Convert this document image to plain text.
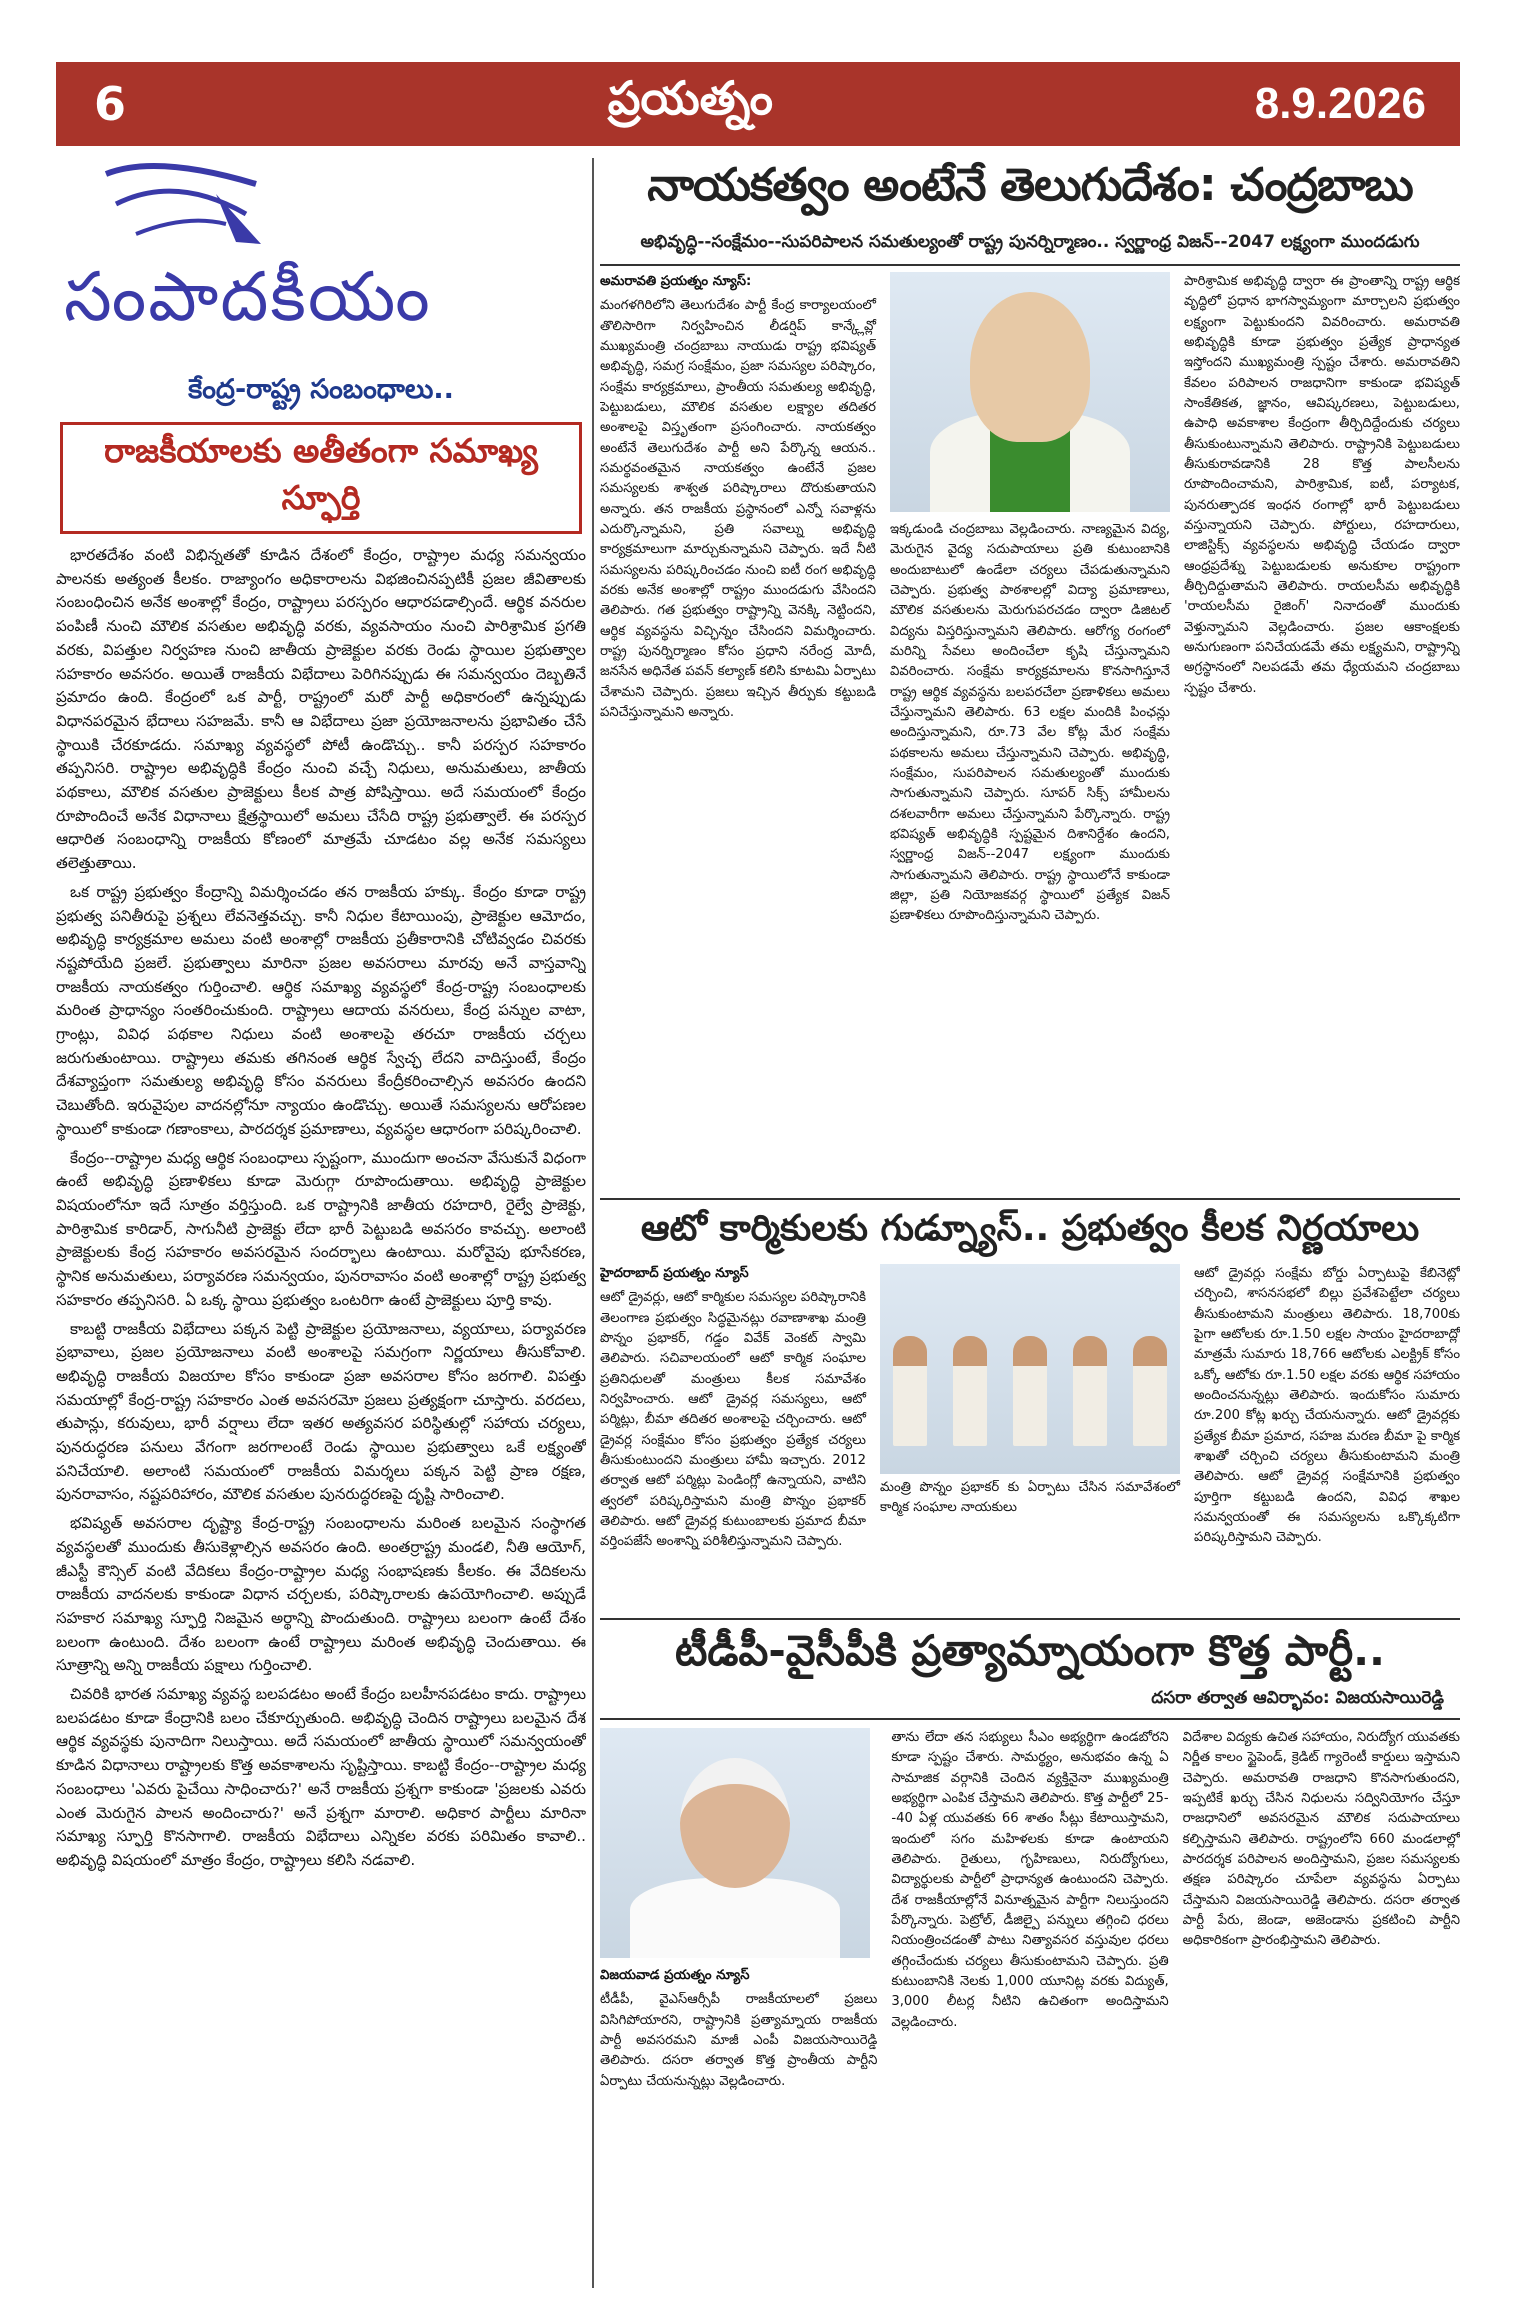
6	ప్రయత్నం	8.9.2026
సంపాదకీయం
కేంద్ర-రాష్ట్ర సంబంధాలు..
రాజకీయాలకు అతీతంగా సమాఖ్య స్ఫూర్తి

భారతదేశం వంటి విభిన్నతతో కూడిన దేశంలో కేంద్రం, రాష్ట్రాల మధ్య సమన్వయం పాలనకు అత్యంత కీలకం. రాజ్యాంగం అధికారాలను విభజించినప్పటికీ ప్రజల జీవితాలకు సంబంధించిన అనేక అంశాల్లో కేంద్రం, రాష్ట్రాలు పరస్పరం ఆధారపడాల్సిందే. ఆర్థిక వనరుల పంపిణీ నుంచి మౌలిక వసతుల అభివృద్ధి వరకు, వ్యవసాయం నుంచి పారిశ్రామిక ప్రగతి వరకు, విపత్తుల నిర్వహణ నుంచి జాతీయ ప్రాజెక్టుల వరకు రెండు స్థాయిల ప్రభుత్వాల సహకారం అవసరం. అయితే రాజకీయ విభేదాలు పెరిగినప్పుడు ఈ సమన్వయం దెబ్బతినే ప్రమాదం ఉంది. కేంద్రంలో ఒక పార్టీ, రాష్ట్రంలో మరో పార్టీ అధికారంలో ఉన్నప్పుడు విధానపరమైన భేదాలు సహజమే. కానీ ఆ విభేదాలు ప్రజా ప్రయోజనాలను ప్రభావితం చేసే స్థాయికి చేరకూడదు. సమాఖ్య వ్యవస్థలో పోటీ ఉండొచ్చు.. కానీ పరస్పర సహకారం తప్పనిసరి. రాష్ట్రాల అభివృద్ధికి కేంద్రం నుంచి వచ్చే నిధులు, అనుమతులు, జాతీయ పథకాలు, మౌలిక వసతుల ప్రాజెక్టులు కీలక పాత్ర పోషిస్తాయి. అదే సమయంలో కేంద్రం రూపొందించే అనేక విధానాలు క్షేత్రస్థాయిలో అమలు చేసేది రాష్ట్ర ప్రభుత్వాలే. ఈ పరస్పర ఆధారిత సంబంధాన్ని రాజకీయ కోణంలో మాత్రమే చూడటం వల్ల అనేక సమస్యలు తలెత్తుతాయి.

ఒక రాష్ట్ర ప్రభుత్వం కేంద్రాన్ని విమర్శించడం తన రాజకీయ హక్కు. కేంద్రం కూడా రాష్ట్ర ప్రభుత్వ పనితీరుపై ప్రశ్నలు లేవనెత్తవచ్చు. కానీ నిధుల కేటాయింపు, ప్రాజెక్టుల ఆమోదం, అభివృద్ధి కార్యక్రమాల అమలు వంటి అంశాల్లో రాజకీయ ప్రతీకారానికి చోటివ్వడం చివరకు నష్టపోయేది ప్రజలే. ప్రభుత్వాలు మారినా ప్రజల అవసరాలు మారవు అనే వాస్తవాన్ని రాజకీయ నాయకత్వం గుర్తించాలి. ఆర్థిక సమాఖ్య వ్యవస్థలో కేంద్ర-రాష్ట్ర సంబంధాలకు మరింత ప్రాధాన్యం సంతరించుకుంది. రాష్ట్రాలు ఆదాయ వనరులు, కేంద్ర పన్నుల వాటా, గ్రాంట్లు, వివిధ పథకాల నిధులు వంటి అంశాలపై తరచూ రాజకీయ చర్చలు జరుగుతుంటాయి. రాష్ట్రాలు తమకు తగినంత ఆర్థిక స్వేచ్ఛ లేదని వాదిస్తుంటే, కేంద్రం దేశవ్యాప్తంగా సమతుల్య అభివృద్ధి కోసం వనరులు కేంద్రీకరించాల్సిన అవసరం ఉందని చెబుతోంది. ఇరువైపుల వాదనల్లోనూ న్యాయం ఉండొచ్చు. అయితే సమస్యలను ఆరోపణల స్థాయిలో కాకుండా గణాంకాలు, పారదర్శక ప్రమాణాలు, వ్యవస్థల ఆధారంగా పరిష్కరించాలి.

కేంద్రం--రాష్ట్రాల మధ్య ఆర్థిక సంబంధాలు స్పష్టంగా, ముందుగా అంచనా వేసుకునే విధంగా ఉంటే అభివృద్ధి ప్రణాళికలు కూడా మెరుగ్గా రూపొందుతాయి. అభివృద్ధి ప్రాజెక్టుల విషయంలోనూ ఇదే సూత్రం వర్తిస్తుంది. ఒక రాష్ట్రానికి జాతీయ రహదారి, రైల్వే ప్రాజెక్టు, పారిశ్రామిక కారిడార్, సాగునీటి ప్రాజెక్టు లేదా భారీ పెట్టుబడి అవసరం కావచ్చు. అలాంటి ప్రాజెక్టులకు కేంద్ర సహకారం అవసరమైన సందర్భాలు ఉంటాయి. మరోవైపు భూసేకరణ, స్థానిక అనుమతులు, పర్యావరణ సమన్వయం, పునరావాసం వంటి అంశాల్లో రాష్ట్ర ప్రభుత్వ సహకారం తప్పనిసరి. ఏ ఒక్క స్థాయి ప్రభుత్వం ఒంటరిగా ఉంటే ప్రాజెక్టులు పూర్తి కావు.

కాబట్టి రాజకీయ విభేదాలు పక్కన పెట్టి ప్రాజెక్టుల ప్రయోజనాలు, వ్యయాలు, పర్యావరణ ప్రభావాలు, ప్రజల ప్రయోజనాలు వంటి అంశాలపై సమగ్రంగా నిర్ణయాలు తీసుకోవాలి. అభివృద్ధి రాజకీయ విజయాల కోసం కాకుండా ప్రజా అవసరాల కోసం జరగాలి. విపత్తు సమయాల్లో కేంద్ర-రాష్ట్ర సహకారం ఎంత అవసరమో ప్రజలు ప్రత్యక్షంగా చూస్తారు. వరదలు, తుపాన్లు, కరువులు, భారీ వర్షాలు లేదా ఇతర అత్యవసర పరిస్థితుల్లో సహాయ చర్యలు, పునరుద్ధరణ పనులు వేగంగా జరగాలంటే రెండు స్థాయిల ప్రభుత్వాలు ఒకే లక్ష్యంతో పనిచేయాలి. అలాంటి సమయంలో రాజకీయ విమర్శలు పక్కన పెట్టి ప్రాణ రక్షణ, పునరావాసం, నష్టపరిహారం, మౌలిక వసతుల పునరుద్ధరణపై దృష్టి సారించాలి.

భవిష్యత్ అవసరాల దృష్ట్యా కేంద్ర-రాష్ట్ర సంబంధాలను మరింత బలమైన సంస్థాగత వ్యవస్థలతో ముందుకు తీసుకెళ్లాల్సిన అవసరం ఉంది. అంతర్రాష్ట్ర మండలి, నీతి ఆయోగ్, జీఎస్టీ కౌన్సిల్ వంటి వేదికలు కేంద్రం-రాష్ట్రాల మధ్య సంభాషణకు కీలకం. ఈ వేదికలను రాజకీయ వాదనలకు కాకుండా విధాన చర్చలకు, పరిష్కారాలకు ఉపయోగించాలి. అప్పుడే సహకార సమాఖ్య స్ఫూర్తి నిజమైన అర్థాన్ని పొందుతుంది. రాష్ట్రాలు బలంగా ఉంటే దేశం బలంగా ఉంటుంది. దేశం బలంగా ఉంటే రాష్ట్రాలు మరింత అభివృద్ధి చెందుతాయి. ఈ సూత్రాన్ని అన్ని రాజకీయ పక్షాలు గుర్తించాలి.

చివరికి భారత సమాఖ్య వ్యవస్థ బలపడటం అంటే కేంద్రం బలహీనపడటం కాదు. రాష్ట్రాలు బలపడటం కూడా కేంద్రానికి బలం చేకూర్చుతుంది. అభివృద్ధి చెందిన రాష్ట్రాలు బలమైన దేశ ఆర్థిక వ్యవస్థకు పునాదిగా నిలుస్తాయి. అదే సమయంలో జాతీయ స్థాయిలో సమన్వయంతో కూడిన విధానాలు రాష్ట్రాలకు కొత్త అవకాశాలను సృష్టిస్తాయి. కాబట్టి కేంద్రం--రాష్ట్రాల మధ్య సంబంధాలు 'ఎవరు పైచేయి సాధించారు?' అనే రాజకీయ ప్రశ్నగా కాకుండా 'ప్రజలకు ఎవరు ఎంత మెరుగైన పాలన అందించారు?' అనే ప్రశ్నగా మారాలి. అధికార పార్టీలు మారినా సమాఖ్య స్ఫూర్తి కొనసాగాలి. రాజకీయ విభేదాలు ఎన్నికల వరకు పరిమితం కావాలి.. అభివృద్ధి విషయంలో మాత్రం కేంద్రం, రాష్ట్రాలు కలిసి నడవాలి.

నాయకత్వం అంటేనే తెలుగుదేశం: చంద్రబాబు
అభివృద్ధి--సంక్షేమం--సుపరిపాలన సమతుల్యంతో రాష్ట్ర పునర్నిర్మాణం.. స్వర్ణాంధ్ర విజన్--2047 లక్ష్యంగా ముందడుగు

అమరావతి ప్రయత్నం న్యూస్:

మంగళగిరిలోని తెలుగుదేశం పార్టీ కేంద్ర కార్యాలయంలో తొలిసారిగా నిర్వహించిన లీడర్షిప్ కాన్క్లేవ్లో ముఖ్యమంత్రి చంద్రబాబు నాయుడు రాష్ట్ర భవిష్యత్ అభివృద్ధి, సమగ్ర సంక్షేమం, ప్రజా సమస్యల పరిష్కారం, సంక్షేమ కార్యక్రమాలు, ప్రాంతీయ సమతుల్య అభివృద్ధి, పెట్టుబడులు, మౌలిక వసతుల లక్ష్యాల తదితర అంశాలపై విస్తృతంగా ప్రసంగించారు. నాయకత్వం అంటేనే తెలుగుదేశం పార్టీ అని పేర్కొన్న ఆయన.. సమర్థవంతమైన నాయకత్వం ఉంటేనే ప్రజల సమస్యలకు శాశ్వత పరిష్కారాలు దొరుకుతాయని అన్నారు. తన రాజకీయ ప్రస్థానంలో ఎన్నో సవాళ్లను ఎదుర్కొన్నామని, ప్రతి సవాల్ను అభివృద్ధి కార్యక్రమాలుగా మార్చుకున్నామని చెప్పారు. ఇదే నీటి సమస్యలను పరిష్కరించడం నుంచి ఐటీ రంగ అభివృద్ధి వరకు అనేక అంశాల్లో రాష్ట్రం ముందడుగు వేసిందని తెలిపారు. గత ప్రభుత్వం రాష్ట్రాన్ని వెనక్కి నెట్టిందని, ఆర్థిక వ్యవస్థను విచ్ఛిన్నం చేసిందని విమర్శించారు. రాష్ట్ర పునర్నిర్మాణం కోసం ప్రధాని నరేంద్ర మోదీ, జనసేన అధినేత పవన్ కల్యాణ్ కలిసి కూటమి ఏర్పాటు చేశామని చెప్పారు. ప్రజలు ఇచ్చిన తీర్పుకు కట్టుబడి పనిచేస్తున్నామని అన్నారు.

ఇక్కడుండి చంద్రబాబు వెల్లడించారు. నాణ్యమైన విద్య, మెరుగైన వైద్య సదుపాయాలు ప్రతి కుటుంబానికి అందుబాటులో ఉండేలా చర్యలు చేపడుతున్నామని చెప్పారు. ప్రభుత్వ పాఠశాలల్లో విద్యా ప్రమాణాలు, మౌలిక వసతులను మెరుగుపరచడం ద్వారా డిజిటల్ విద్యను విస్తరిస్తున్నామని తెలిపారు. ఆరోగ్య రంగంలో మరిన్ని సేవలు అందించేలా కృషి చేస్తున్నామని వివరించారు. సంక్షేమ కార్యక్రమాలను కొనసాగిస్తూనే రాష్ట్ర ఆర్థిక వ్యవస్థను బలపరచేలా ప్రణాళికలు అమలు చేస్తున్నామని తెలిపారు. 63 లక్షల మందికి పింఛన్లు అందిస్తున్నామని, రూ.73 వేల కోట్ల మేర సంక్షేమ పథకాలను అమలు చేస్తున్నామని చెప్పారు. అభివృద్ధి, సంక్షేమం, సుపరిపాలన సమతుల్యంతో ముందుకు సాగుతున్నామని చెప్పారు. సూపర్ సిక్స్ హామీలను దశలవారీగా అమలు చేస్తున్నామని పేర్కొన్నారు. రాష్ట్ర భవిష్యత్ అభివృద్ధికి స్పష్టమైన దిశానిర్దేశం ఉందని, స్వర్ణాంధ్ర విజన్--2047 లక్ష్యంగా ముందుకు సాగుతున్నామని తెలిపారు. రాష్ట్ర స్థాయిలోనే కాకుండా జిల్లా, ప్రతి నియోజకవర్గ స్థాయిలో ప్రత్యేక విజన్ ప్రణాళికలు రూపొందిస్తున్నామని చెప్పారు.

పారిశ్రామిక అభివృద్ధి ద్వారా ఈ ప్రాంతాన్ని రాష్ట్ర ఆర్థిక వృద్ధిలో ప్రధాన భాగస్వామ్యంగా మార్చాలని ప్రభుత్వం లక్ష్యంగా పెట్టుకుందని వివరించారు. అమరావతి అభివృద్ధికి కూడా ప్రభుత్వం ప్రత్యేక ప్రాధాన్యత ఇస్తోందని ముఖ్యమంత్రి స్పష్టం చేశారు. అమరావతిని కేవలం పరిపాలన రాజధానిగా కాకుండా భవిష్యత్ సాంకేతికత, జ్ఞానం, ఆవిష్కరణలు, పెట్టుబడులు, ఉపాధి అవకాశాల కేంద్రంగా తీర్చిదిద్దేందుకు చర్యలు తీసుకుంటున్నామని తెలిపారు. రాష్ట్రానికి పెట్టుబడులు తీసుకురావడానికి 28 కొత్త పాలసీలను రూపొందించామని, పారిశ్రామిక, ఐటీ, పర్యాటక, పునరుత్పాదక ఇంధన రంగాల్లో భారీ పెట్టుబడులు వస్తున్నాయని చెప్పారు. పోర్టులు, రహదారులు, లాజిస్టిక్స్ వ్యవస్థలను అభివృద్ధి చేయడం ద్వారా ఆంధ్రప్రదేశ్ను పెట్టుబడులకు అనుకూల రాష్ట్రంగా తీర్చిదిద్దుతామని తెలిపారు. రాయలసీమ అభివృద్ధికి 'రాయలసీమ రైజింగ్' నినాదంతో ముందుకు వెళ్తున్నామని వెల్లడించారు. ప్రజల ఆకాంక్షలకు అనుగుణంగా పనిచేయడమే తమ లక్ష్యమని, రాష్ట్రాన్ని అగ్రస్థానంలో నిలపడమే తమ ధ్యేయమని చంద్రబాబు స్పష్టం చేశారు.

ఆటో కార్మికులకు గుడ్న్యూస్.. ప్రభుత్వం కీలక నిర్ణయాలు

హైదరాబాద్ ప్రయత్నం న్యూస్

ఆటో డ్రైవర్లు, ఆటో కార్మికుల సమస్యల పరిష్కారానికి తెలంగాణ ప్రభుత్వం సిద్ధమైనట్లు రవాణాశాఖ మంత్రి పొన్నం ప్రభాకర్, గడ్డం వివేక్ వెంకట్ స్వామి తెలిపారు. సచివాలయంలో ఆటో కార్మిక సంఘాల ప్రతినిధులతో మంత్రులు కీలక సమావేశం నిర్వహించారు. ఆటో డ్రైవర్ల సమస్యలు, ఆటో పర్మిట్లు, బీమా తదితర అంశాలపై చర్చించారు. ఆటో డ్రైవర్ల సంక్షేమం కోసం ప్రభుత్వం ప్రత్యేక చర్యలు తీసుకుంటుందని మంత్రులు హామీ ఇచ్చారు. 2012 తర్వాత ఆటో పర్మిట్లు పెండింగ్లో ఉన్నాయని, వాటిని త్వరలో పరిష్కరిస్తామని మంత్రి పొన్నం ప్రభాకర్ తెలిపారు. ఆటో డ్రైవర్ల కుటుంబాలకు ప్రమాద బీమా వర్తింపజేసే అంశాన్ని పరిశీలిస్తున్నామని చెప్పారు.

మంత్రి పొన్నం ప్రభాకర్ కు ఏర్పాటు చేసిన సమావేశంలో కార్మిక సంఘాల నాయకులు

ఆటో డ్రైవర్లు సంక్షేమ బోర్డు ఏర్పాటుపై కేబినెట్లో చర్చించి, శాసనసభలో బిల్లు ప్రవేశపెట్టేలా చర్యలు తీసుకుంటామని మంత్రులు తెలిపారు. 18,700కు పైగా ఆటోలకు రూ.1.50 లక్షల సాయం హైదరాబాద్లో మాత్రమే సుమారు 18,766 ఆటోలకు ఎలక్ట్రిక్ కోసం ఒక్కో ఆటోకు రూ.1.50 లక్షల వరకు ఆర్థిక సహాయం అందించనున్నట్లు తెలిపారు. ఇందుకోసం సుమారు రూ.200 కోట్ల ఖర్చు చేయనున్నారు. ఆటో డ్రైవర్లకు ప్రత్యేక బీమా ప్రమాద, సహజ మరణ బీమా పై కార్మిక శాఖతో చర్చించి చర్యలు తీసుకుంటామని మంత్రి తెలిపారు. ఆటో డ్రైవర్ల సంక్షేమానికి ప్రభుత్వం పూర్తిగా కట్టుబడి ఉందని, వివిధ శాఖల సమన్వయంతో ఈ సమస్యలను ఒక్కొక్కటిగా పరిష్కరిస్తామని చెప్పారు.

టీడీపీ-వైసీపీకి ప్రత్యామ్నాయంగా కొత్త పార్టీ..
దసరా తర్వాత ఆవిర్భావం: విజయసాయిరెడ్డి

విజయవాడ ప్రయత్నం న్యూస్

టీడీపీ, వైఎస్ఆర్సీపీ రాజకీయాలలో ప్రజలు విసిగిపోయారని, రాష్ట్రానికి ప్రత్యామ్నాయ రాజకీయ పార్టీ అవసరమని మాజీ ఎంపీ విజయసాయిరెడ్డి తెలిపారు. దసరా తర్వాత కొత్త ప్రాంతీయ పార్టీని ఏర్పాటు చేయనున్నట్లు వెల్లడించారు.

తాను లేదా తన సభ్యులు సీఎం అభ్యర్థిగా ఉండబోరని కూడా స్పష్టం చేశారు. సామర్థ్యం, అనుభవం ఉన్న ఏ సామాజిక వర్గానికి చెందిన వ్యక్తినైనా ముఖ్యమంత్రి అభ్యర్థిగా ఎంపిక చేస్తామని తెలిపారు. కొత్త పార్టీలో 25--40 ఏళ్ల యువతకు 66 శాతం సీట్లు కేటాయిస్తామని, ఇందులో సగం మహిళలకు కూడా ఉంటాయని తెలిపారు. రైతులు, గృహిణులు, నిరుద్యోగులు, విద్యార్థులకు పార్టీలో ప్రాధాన్యత ఉంటుందని చెప్పారు. దేశ రాజకీయాల్లోనే వినూత్నమైన పార్టీగా నిలుస్తుందని పేర్కొన్నారు. పెట్రోల్, డీజిల్పై పన్నులు తగ్గించి ధరలు నియంత్రించడంతో పాటు నిత్యావసర వస్తువుల ధరలు తగ్గించేందుకు చర్యలు తీసుకుంటామని చెప్పారు. ప్రతి కుటుంబానికి నెలకు 1,000 యూనిట్ల వరకు విద్యుత్, 3,000 లీటర్ల నీటిని ఉచితంగా అందిస్తామని వెల్లడించారు.

విదేశాల విద్యకు ఉచిత సహాయం, నిరుద్యోగ యువతకు నిర్ణీత కాలం స్టైపెండ్, క్రెడిట్ గ్యారెంటీ కార్డులు ఇస్తామని చెప్పారు. అమరావతి రాజధాని కొనసాగుతుందని, ఇప్పటికే ఖర్చు చేసిన నిధులను సద్వినియోగం చేస్తూ రాజధానిలో అవసరమైన మౌలిక సదుపాయాలు కల్పిస్తామని తెలిపారు. రాష్ట్రంలోని 660 మండలాల్లో పారదర్శక పరిపాలన అందిస్తామని, ప్రజల సమస్యలకు తక్షణ పరిష్కారం చూపేలా వ్యవస్థను ఏర్పాటు చేస్తామని విజయసాయిరెడ్డి తెలిపారు. దసరా తర్వాత పార్టీ పేరు, జెండా, అజెండాను ప్రకటించి పార్టీని అధికారికంగా ప్రారంభిస్తామని తెలిపారు.
